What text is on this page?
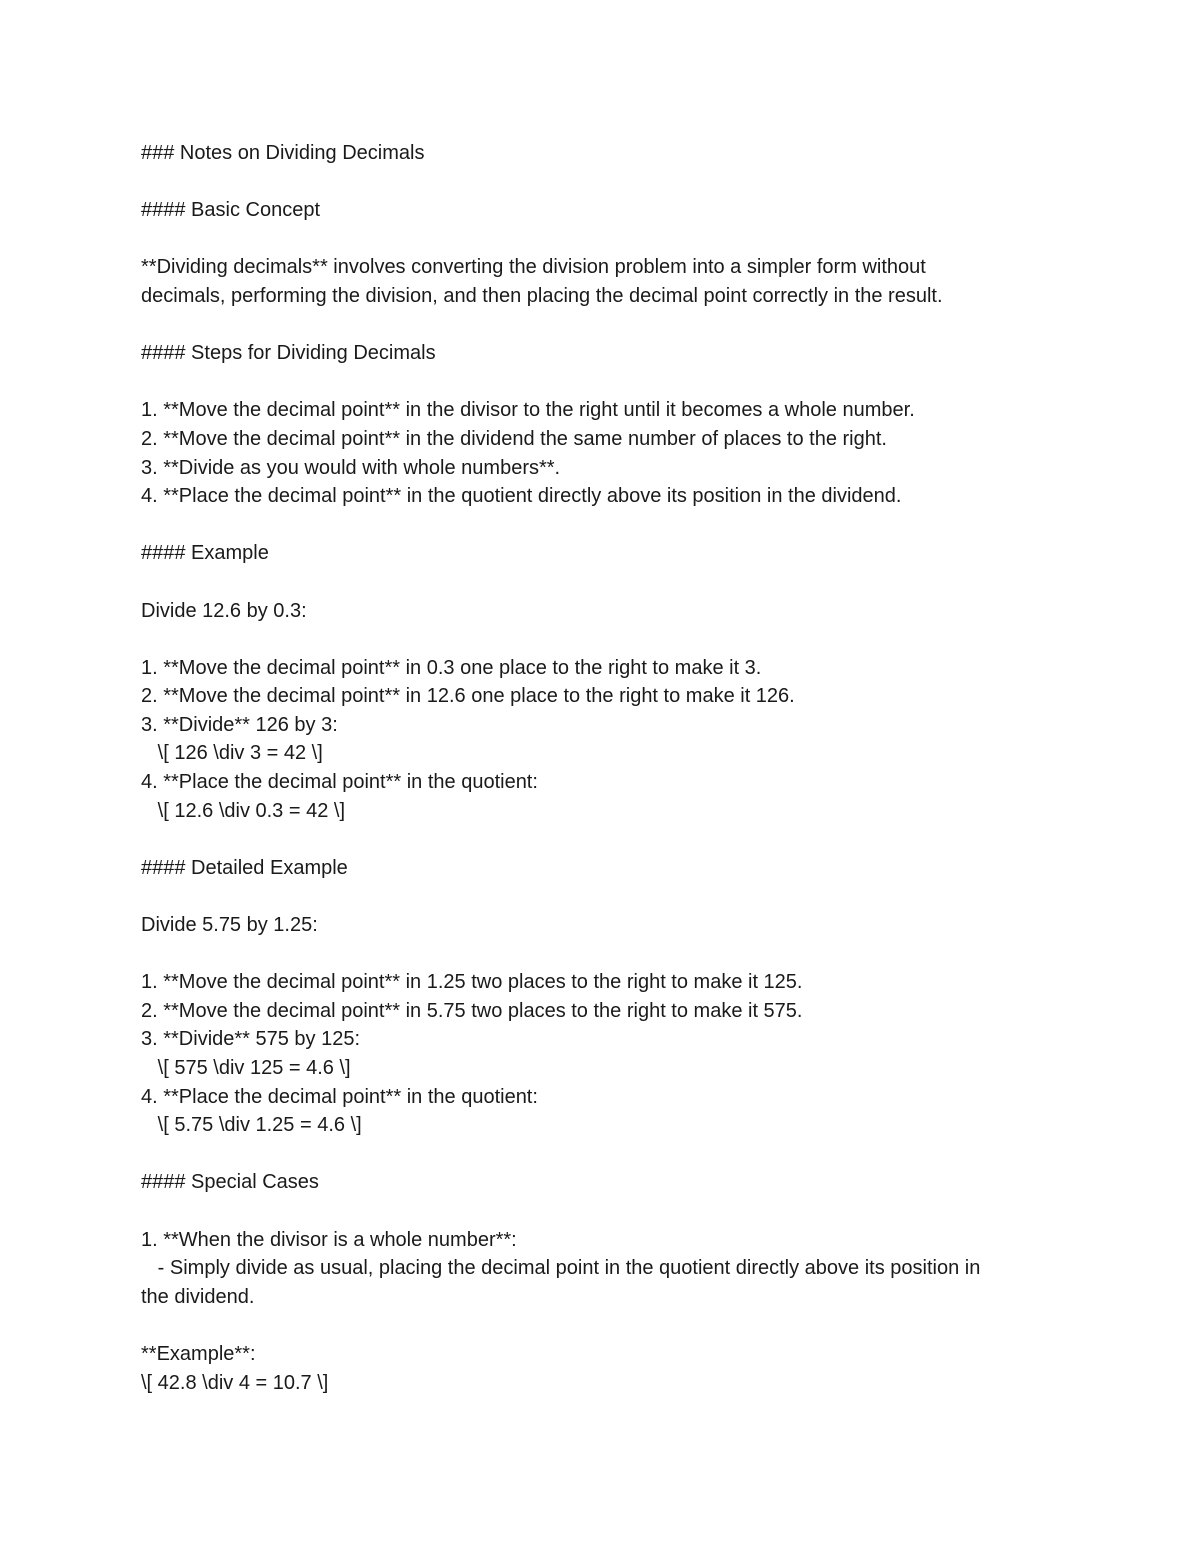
### Notes on Dividing Decimals
#### Basic Concept
**Dividing decimals** involves converting the division problem into a simpler form without
decimals, performing the division, and then placing the decimal point correctly in the result.
#### Steps for Dividing Decimals
1. **Move the decimal point** in the divisor to the right until it becomes a whole number.
2. **Move the decimal point** in the dividend the same number of places to the right.
3. **Divide as you would with whole numbers**.
4. **Place the decimal point** in the quotient directly above its position in the dividend.
#### Example
Divide 12.6 by 0.3:
1. **Move the decimal point** in 0.3 one place to the right to make it 3.
2. **Move the decimal point** in 12.6 one place to the right to make it 126.
3. **Divide** 126 by 3:
\[ 126 \div 3 = 42 \]
4. **Place the decimal point** in the quotient:
\[ 12.6 \div 0.3 = 42 \]
#### Detailed Example
Divide 5.75 by 1.25:
1. **Move the decimal point** in 1.25 two places to the right to make it 125.
2. **Move the decimal point** in 5.75 two places to the right to make it 575.
3. **Divide** 575 by 125:
\[ 575 \div 125 = 4.6 \]
4. **Place the decimal point** in the quotient:
\[ 5.75 \div 1.25 = 4.6 \]
#### Special Cases
1. **When the divisor is a whole number**:
- Simply divide as usual, placing the decimal point in the quotient directly above its position in
the dividend.
**Example**:
\[ 42.8 \div 4 = 10.7 \]
